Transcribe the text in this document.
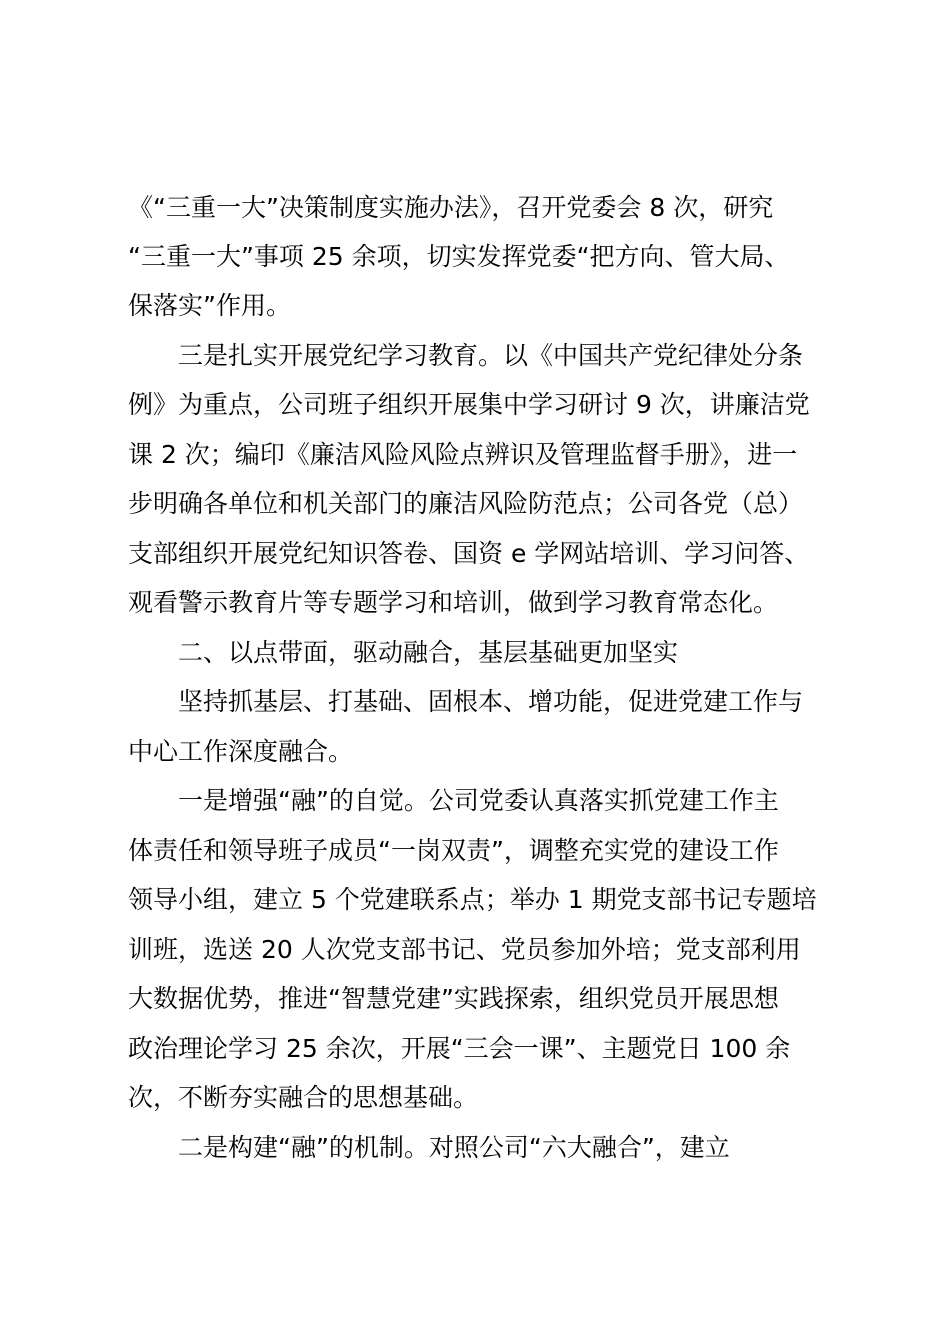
《“三重一大”决策制度实施办法》，召开党委会 8 次，研究
“三重一大”事项 25 余项，切实发挥党委“把方向、管大局、
保落实”作用。
三是扎实开展党纪学习教育。以《中国共产党纪律处分条
例》为重点，公司班子组织开展集中学习研讨 9 次，讲廉洁党
课 2 次；编印《廉洁风险风险点辨识及管理监督手册》，进一
步明确各单位和机关部门的廉洁风险防范点；公司各党（总）
支部组织开展党纪知识答卷、国资 e 学网站培训、学习问答、
观看警示教育片等专题学习和培训，做到学习教育常态化。
二、以点带面，驱动融合，基层基础更加坚实
坚持抓基层、打基础、固根本、增功能，促进党建工作与
中心工作深度融合。
一是增强“融”的自觉。公司党委认真落实抓党建工作主
体责任和领导班子成员“一岗双责”，调整充实党的建设工作
领导小组，建立 5 个党建联系点；举办 1 期党支部书记专题培
训班，选送 20 人次党支部书记、党员参加外培；党支部利用
大数据优势，推进“智慧党建”实践探索，组织党员开展思想
政治理论学习 25 余次，开展“三会一课”、主题党日 100 余
次，不断夯实融合的思想基础。
二是构建“融”的机制。对照公司“六大融合”，建立
